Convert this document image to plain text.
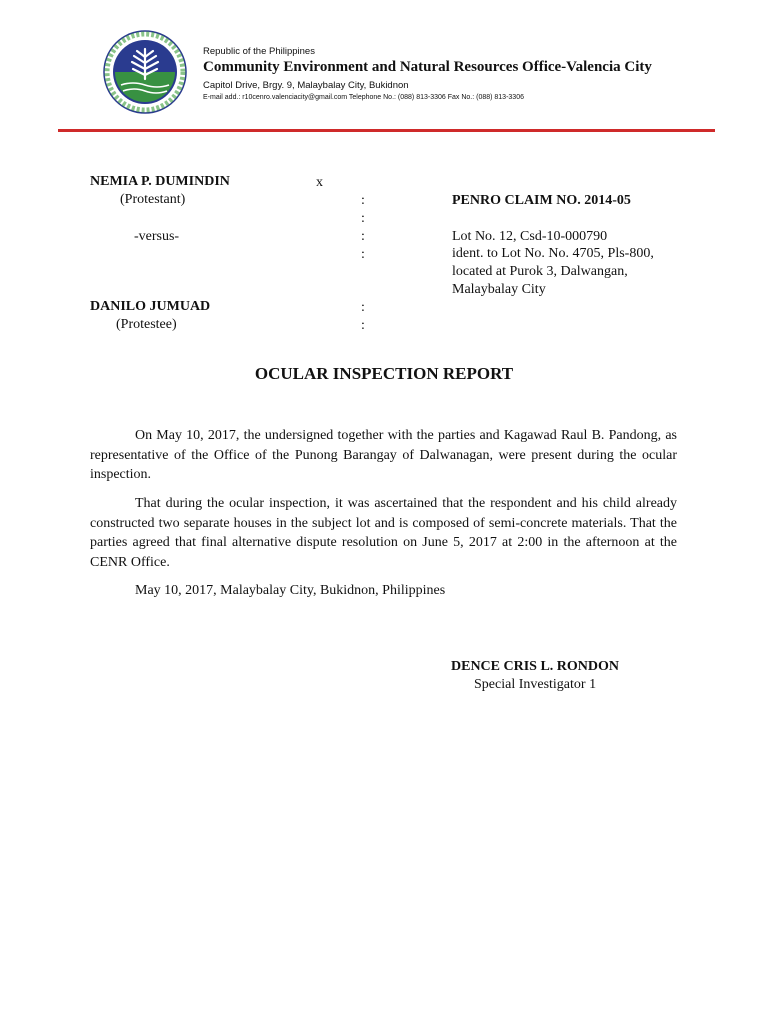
Republic of the Philippines
Community Environment and Natural Resources Office-Valencia City
Capitol Drive, Brgy. 9, Malaybalay City, Bukidnon
E-mail add.: r10cenro.valenciacity@gmail.com Telephone No.: (088) 813-3306 Fax No.: (088) 813-3306
NEMIA P. DUMINDIN	x
(Protestant)
-versus-
DANILO JUMUAD
(Protestee)
:
:
:
:
:
:
PENRO CLAIM NO. 2014-05
Lot No. 12, Csd-10-000790
ident. to Lot No. No. 4705, Pls-800,
located at Purok 3, Dalwangan,
Malaybalay City
OCULAR INSPECTION REPORT
On May 10, 2017, the undersigned together with the parties and Kagawad Raul B. Pandong, as representative of the Office of the Punong Barangay of Dalwanagan, were present during the ocular inspection.
That during the ocular inspection, it was ascertained that the respondent and his child already constructed two separate houses in the subject lot and is composed of semi-concrete materials. That the parties agreed that final alternative dispute resolution on June 5, 2017 at 2:00 in the afternoon at the CENR Office.
May 10, 2017, Malaybalay City, Bukidnon, Philippines
DENCE CRIS L. RONDON
Special Investigator 1
